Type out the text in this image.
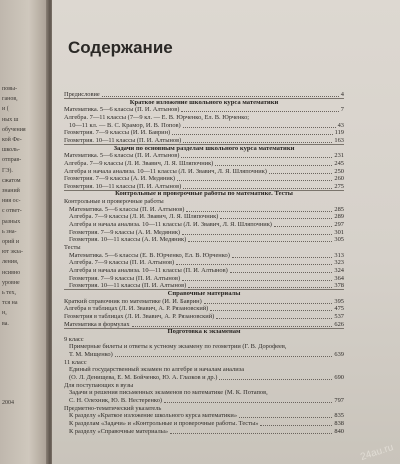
повы-
ганов,
и (
ных ш
обучения
кой Фе-
школь-
отправ-
ГЭ).
сжатом
знаний
ния ос-
с ответ-
разных
ь зна-
орий и
ют экза-
ления,
нсивно
уровне
ь тех,
тся на
н,
ва.
2004
Содержание
Предисловие	4
Краткое изложение школьного курса математики
Математика. 5—6 классы (П. И. Алтынов)	7
Алгебра. 7—11 классы (7—9 кл. — Е. В. Юрченко, Ел. В. Юрченко;
10—11 кл. — В. С. Крамор, И. В. Попов)	43
Геометрия. 7—9 классы (И. И. Баврин)	119
Геометрия. 10—11 классы (П. И. Алтынов)	163
Задачи по основным разделам школьного курса математики
Математика. 5—6 классы (П. И. Алтынов)	231
Алгебра. 7—9 классы (Л. И. Звавич, Л. Я. Шляпочник)	245
Алгебра и начала анализа. 10—11 классы (Л. И. Звавич, Л. Я. Шляпочник)	250
Геометрия. 7—9 классы (А. И. Медяник)	260
Геометрия. 10—11 классы (П. И. Алтынов)	275
Контрольные и проверочные работы по математике. Тесты
Контрольные и проверочные работы
Математика. 5—6 классы (П. И. Алтынов)	285
Алгебра. 7—9 классы (Л. И. Звавич, Л. Я. Шляпочник)	289
Алгебра и начала анализа. 10—11 классы (Л. И. Звавич, Л. Я. Шляпочник)	297
Геометрия. 7—9 классы (А. И. Медяник)	301
Геометрия. 10—11 классы (А. И. Медяник)	305
Тесты
Математика. 5—6 классы (Е. В. Юрченко, Ел. В. Юрченко)	313
Алгебра. 7—9 классы (П. И. Алтынов)	323
Алгебра и начала анализа. 10—11 классы (П. И. Алтынов)	324
Геометрия. 7—9 классы (П. И. Алтынов)	364
Геометрия. 10—11 классы (П. И. Алтынов)	378
Справочные материалы
Краткий справочник по математике (И. И. Баврин)	395
Алгебра в таблицах (Л. И. Звавич, А. Р. Рязановский)	475
Геометрия в таблицах (Л. И. Звавич, А. Р. Рязановский)	537
Математика в формулах	626
Подготовка к экзаменам
9 класс
Примерные билеты и ответы к устному экзамену по геометрии (Г. В. Дорофеев,
Т. М. Мищенко)	639
11 класс
Единый государственный экзамен по алгебре и началам анализа
(О. Л. Денищева, Е. М. Бойченко, Ю. А. Глазков и др.)	690
Для поступающих в вузы
Задачи и решения письменных экзаменов по математике (М. К. Потапов,
С. Н. Олехник, Ю. В. Нестеренко)	797
Предметно-тематический указатель
К разделу «Краткое изложение школьного курса математики»	835
К разделам «Задачи» и «Контрольные и проверочные работы. Тесты»	838
К разделу «Справочные материалы»	840
24au.ru
